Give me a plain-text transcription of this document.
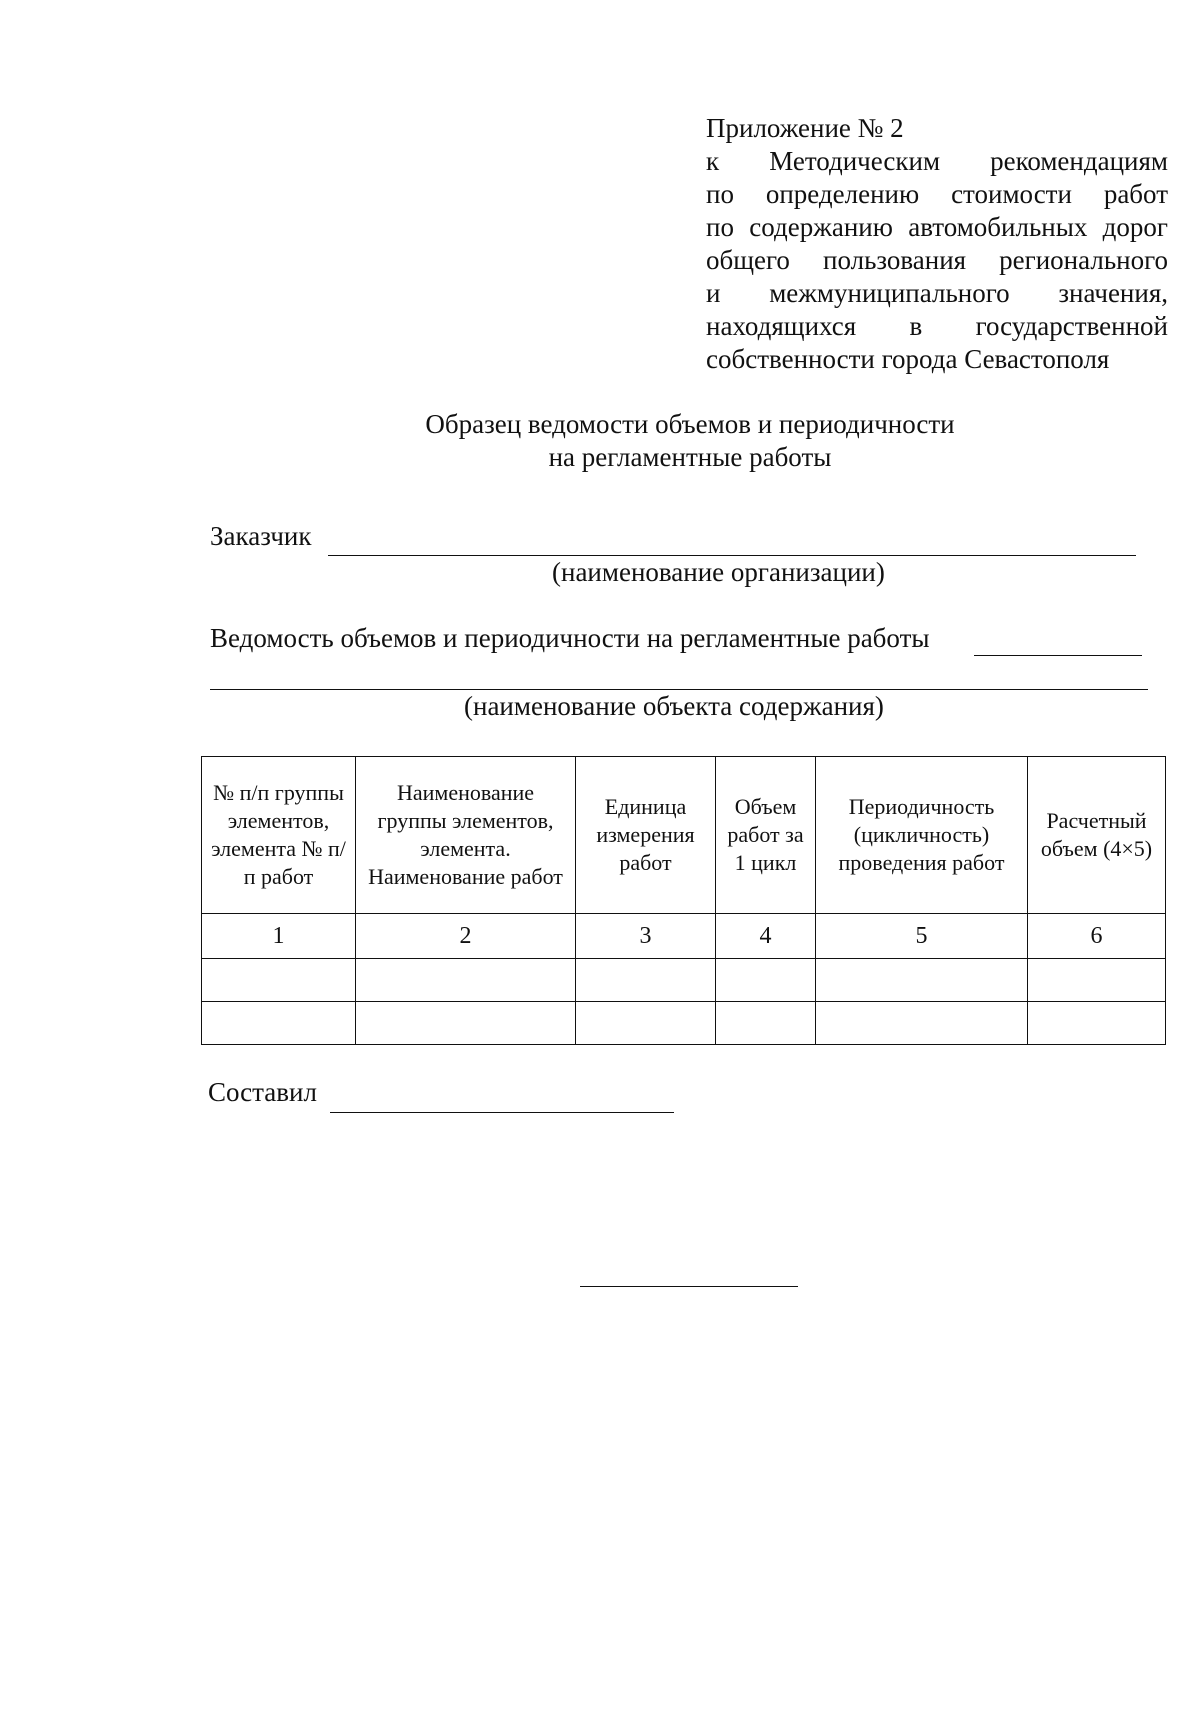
Приложение № 2
к Методическим рекомендациям
по определению стоимости работ
по содержанию автомобильных дорог
общего пользования регионального
и межмуниципального значения,
находящихся в государственной
собственности города Севастополя
Образец ведомости объемов и периодичности
на регламентные работы
Заказчик
(наименование организации)
Ведомость объемов и периодичности на регламентные работы
(наименование объекта содержания)
№ п/п группы элементов, элемента № п/п работ	Наименование группы элементов, элемента. Наименование работ	Единица измерения работ	Объем работ за 1 цикл	Периодичность (цикличность) проведения работ	Расчетный объем (4×5)
1	2	3	4	5	6

Составил
